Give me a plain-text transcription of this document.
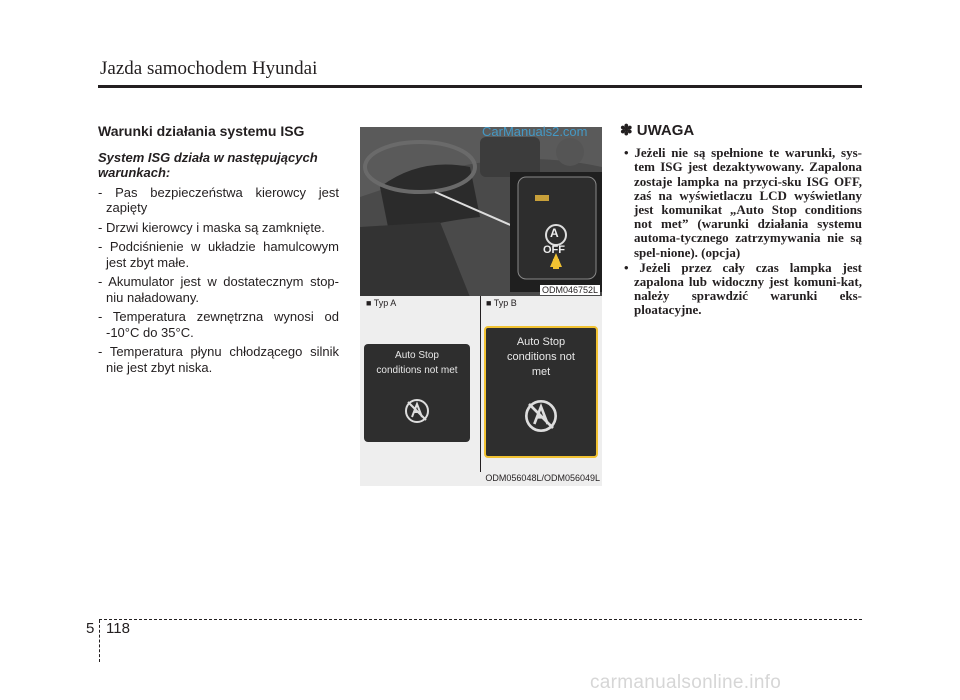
Jazda samochodem Hyundai
Warunki działania systemu ISG
System ISG działa w następujących warunkach:
- Pas bezpieczeństwa kierowcy jest zapięty
- Drzwi kierowcy i maska są zamknięte.
- Podciśnienie w układzie hamulcowym jest zbyt małe.
- Akumulator jest w dostatecznym stop-niu naładowany.
- Temperatura zewnętrzna wynosi od -10°C do 35°C.
- Temperatura płynu chłodzącego silnik nie jest zbyt niska.
A
OFF
ODM046752L
CarManuals2.com
■ Typ A	■ Typ B
Auto Stop
conditions not met
Auto Stop
conditions not
met
ODM056048L/ODM056049L
✽ UWAGA
• Jeżeli nie są spełnione te warunki, sys-tem ISG jest dezaktywowany. Zapalona zostaje lampka na przyci-sku ISG OFF, zaś na wyświetlaczu LCD wyświetlany jest komunikat „Auto Stop conditions not met” (warunki działania systemu automa-tycznego zatrzymywania nie są spel-nione). (opcja)
• Jeżeli przez cały czas lampka jest zapalona lub widoczny jest komuni-kat, należy sprawdzić warunki eks-ploatacyjne.
5 118
carmanualsonline.info
